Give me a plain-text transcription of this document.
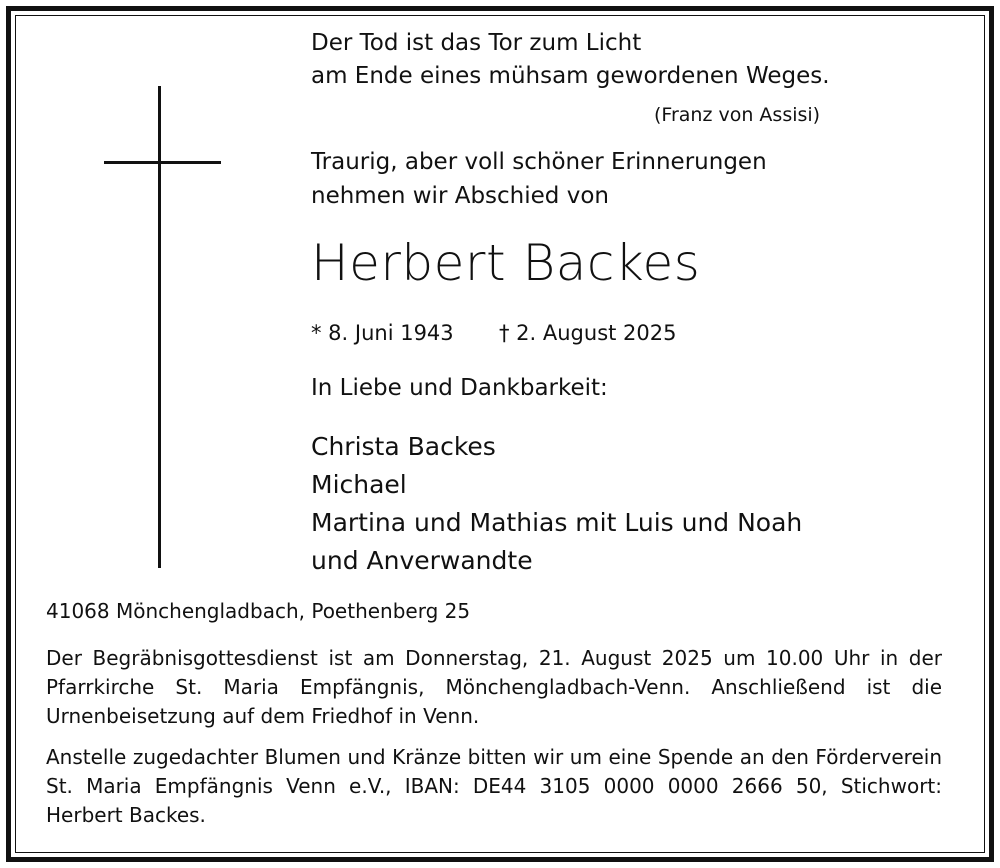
Der Tod ist das Tor zum Licht
am Ende eines mühsam gewordenen Weges.
(Franz von Assisi)
Traurig, aber voll schöner Erinnerungen
nehmen wir Abschied von
Herbert Backes
* 8. Juni 1943 † 2. August 2025
In Liebe und Dankbarkeit:
Christa Backes
Michael
Martina und Mathias mit Luis und Noah
und Anverwandte
41068 Mönchengladbach, Poethenberg 25

Der Begräbnisgottesdienst ist am Donnerstag, 21. August 2025 um 10.00 Uhr in der Pfarrkirche St. Maria Empfängnis, Mönchengladbach-Venn. Anschließend ist die Urnenbeisetzung auf dem Friedhof in Venn.

Anstelle zugedachter Blumen und Kränze bitten wir um eine Spende an den Förderverein St. Maria Empfängnis Venn e.V., IBAN: DE44 3105 0000 0000 2666 50, Stichwort: Herbert Backes.
